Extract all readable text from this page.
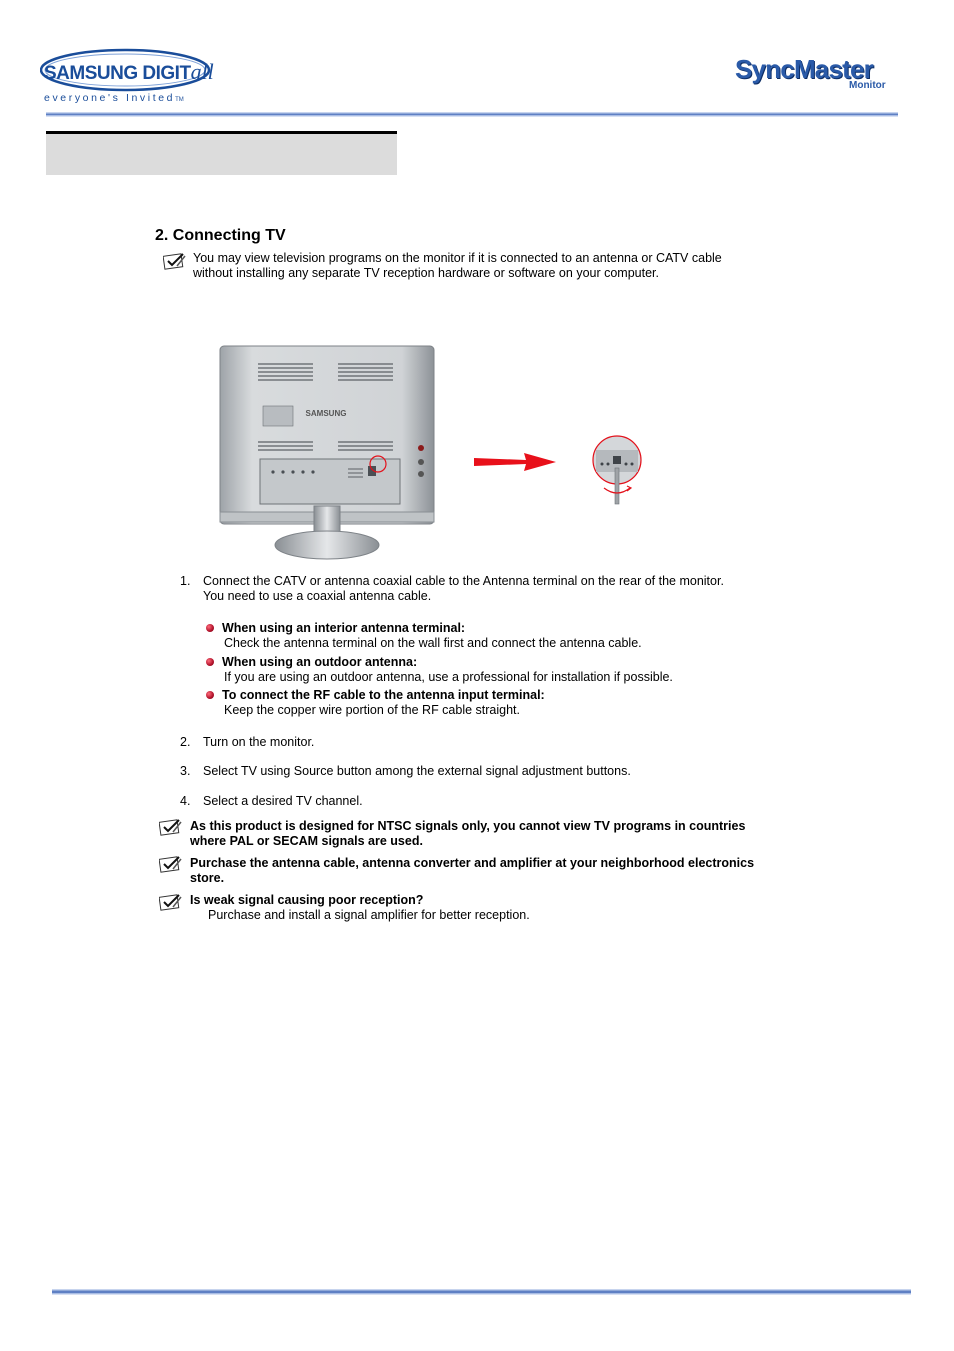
SAMSUNG DIGITall
everyone's InvitedTM
SyncMaster
Monitor
2. Connecting TV
You may view television programs on the monitor if it is connected to an antenna or CATV cable
without installing any separate TV reception hardware or software on your computer.
SAMSUNG
1. Connect the CATV or antenna coaxial cable to the Antenna terminal on the rear of the monitor.
You need to use a coaxial antenna cable.
When using an interior antenna terminal:
Check the antenna terminal on the wall first and connect the antenna cable.
When using an outdoor antenna:
If you are using an outdoor antenna, use a professional for installation if possible.
To connect the RF cable to the antenna input terminal:
Keep the copper wire portion of the RF cable straight.
2. Turn on the monitor.
3. Select TV using Source button among the external signal adjustment buttons.
4. Select a desired TV channel.
As this product is designed for NTSC signals only, you cannot view TV programs in countries
where PAL or SECAM signals are used.
Purchase the antenna cable, antenna converter and amplifier at your neighborhood electronics
store.
Is weak signal causing poor reception?
Purchase and install a signal amplifier for better reception.
